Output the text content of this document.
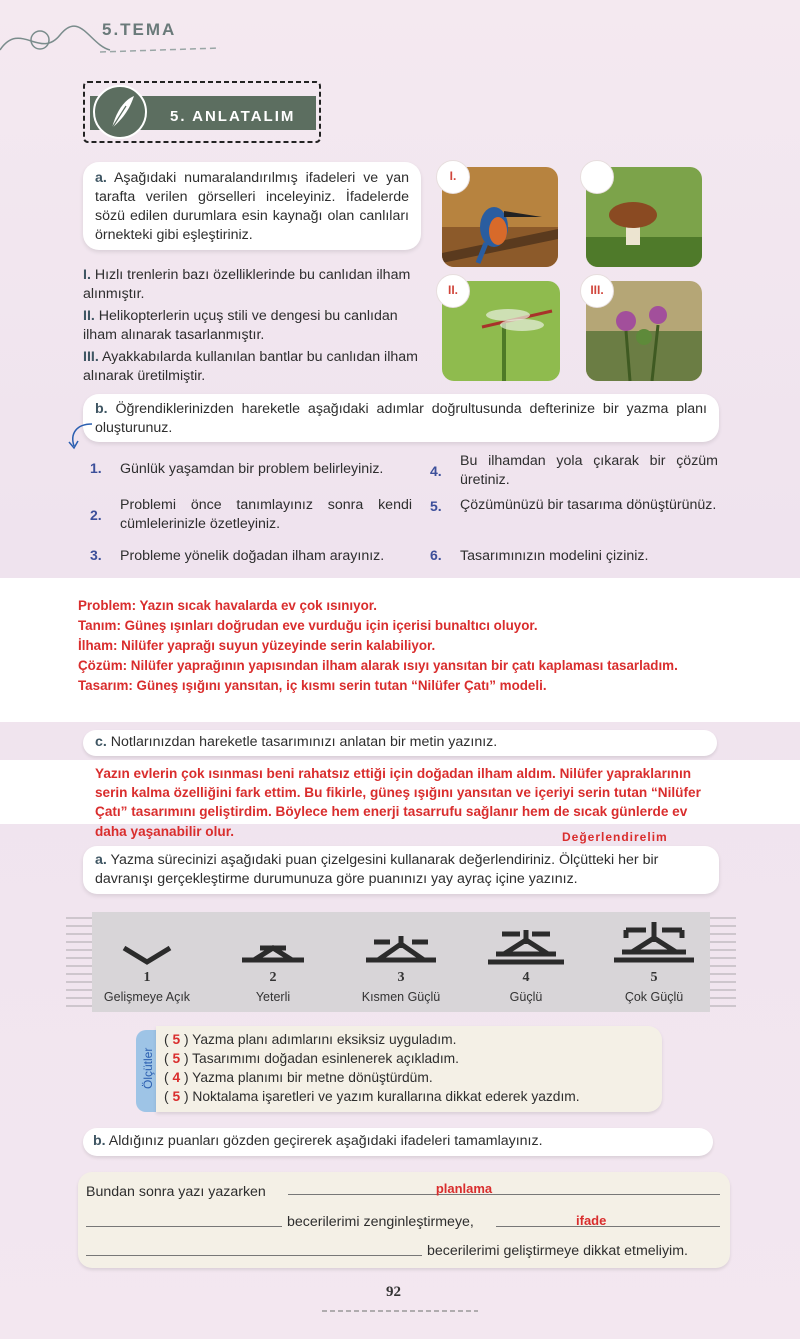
5.TEMA
5. ANLATALIM

a. Aşağıdaki numaralandırılmış ifadeleri ve yan tarafta verilen görselleri inceleyiniz. İfadelerde sözü edilen durumlara esin kaynağı olan canlıları örnekteki gibi eşleştiriniz.

I. Hızlı trenlerin bazı özelliklerinde bu canlıdan ilham alınmıştır.

II. Helikopterlerin uçuş stili ve dengesi bu canlıdan ilham alınarak tasarlanmıştır.

III. Ayakkabılarda kullanılan bantlar bu canlıdan ilham alınarak üretilmiştir.

I.
II.	III.

b. Öğrendiklerinizden hareketle aşağıdaki adımlar doğrultusunda defterinize bir yazma planı oluşturunuz.

1.	Günlük yaşamdan bir problem belirleyiniz.
2.
Problemi önce tanımlayınız sonra kendi cümlelerinizle özetleyiniz.
3.	Probleme yönelik doğadan ilham arayınız.
4.
Bu ilhamdan yola çıkarak bir çözüm üretiniz.
5.	Çözümünüzü bir tasarıma dönüştürünüz.
6.	Tasarımınızın modelini çiziniz.

Problem: Yazın sıcak havalarda ev çok ısınıyor.

Tanım: Güneş ışınları doğrudan eve vurduğu için içerisi bunaltıcı oluyor.

İlham: Nilüfer yaprağı suyun yüzeyinde serin kalabiliyor.

Çözüm: Nilüfer yaprağının yapısından ilham alarak ısıyı yansıtan bir çatı kaplaması tasarladım.

Tasarım: Güneş ışığını yansıtan, iç kısmı serin tutan “Nilüfer Çatı” modeli.

c. Notlarınızdan hareketle tasarımınızı anlatan bir metin yazınız.

Yazın evlerin çok ısınması beni rahatsız ettiği için doğadan ilham aldım. Nilüfer yapraklarının

serin kalma özelliğini fark ettim. Bu fikirle, güneş ışığını yansıtan ve içeriyi serin tutan “Nilüfer

Çatı” tasarımını geliştirdim. Böylece hem enerji tasarrufu sağlanır hem de sıcak günlerde ev

daha yaşanabilir olur.	Değerlendirelim

a. Yazma sürecinizi aşağıdaki puan çizelgesini kullanarak değerlendiriniz. Ölçütteki her bir davranışı gerçekleştirme durumunuza göre puanınızı yay ayraç içine yazınız.

1	2	3	4	5
Gelişmeye Açık	Yeterli	Kısmen Güçlü	Güçlü	Çok Güçlü
Ölçütler

( 5 ) Yazma planı adımlarını eksiksiz uyguladım.

( 5 ) Tasarımımı doğadan esinlenerek açıkladım.

( 4 ) Yazma planımı bir metne dönüştürdüm.

( 5 ) Noktalama işaretleri ve yazım kurallarına dikkat ederek yazdım.

b. Aldığınız puanları gözden geçirerek aşağıdaki ifadeleri tamamlayınız.

Bundan sonra yazı yazarken	planlama
becerilerimi zenginleştirmeye,	ifade
becerilerimi geliştirmeye dikkat etmeliyim.
92
